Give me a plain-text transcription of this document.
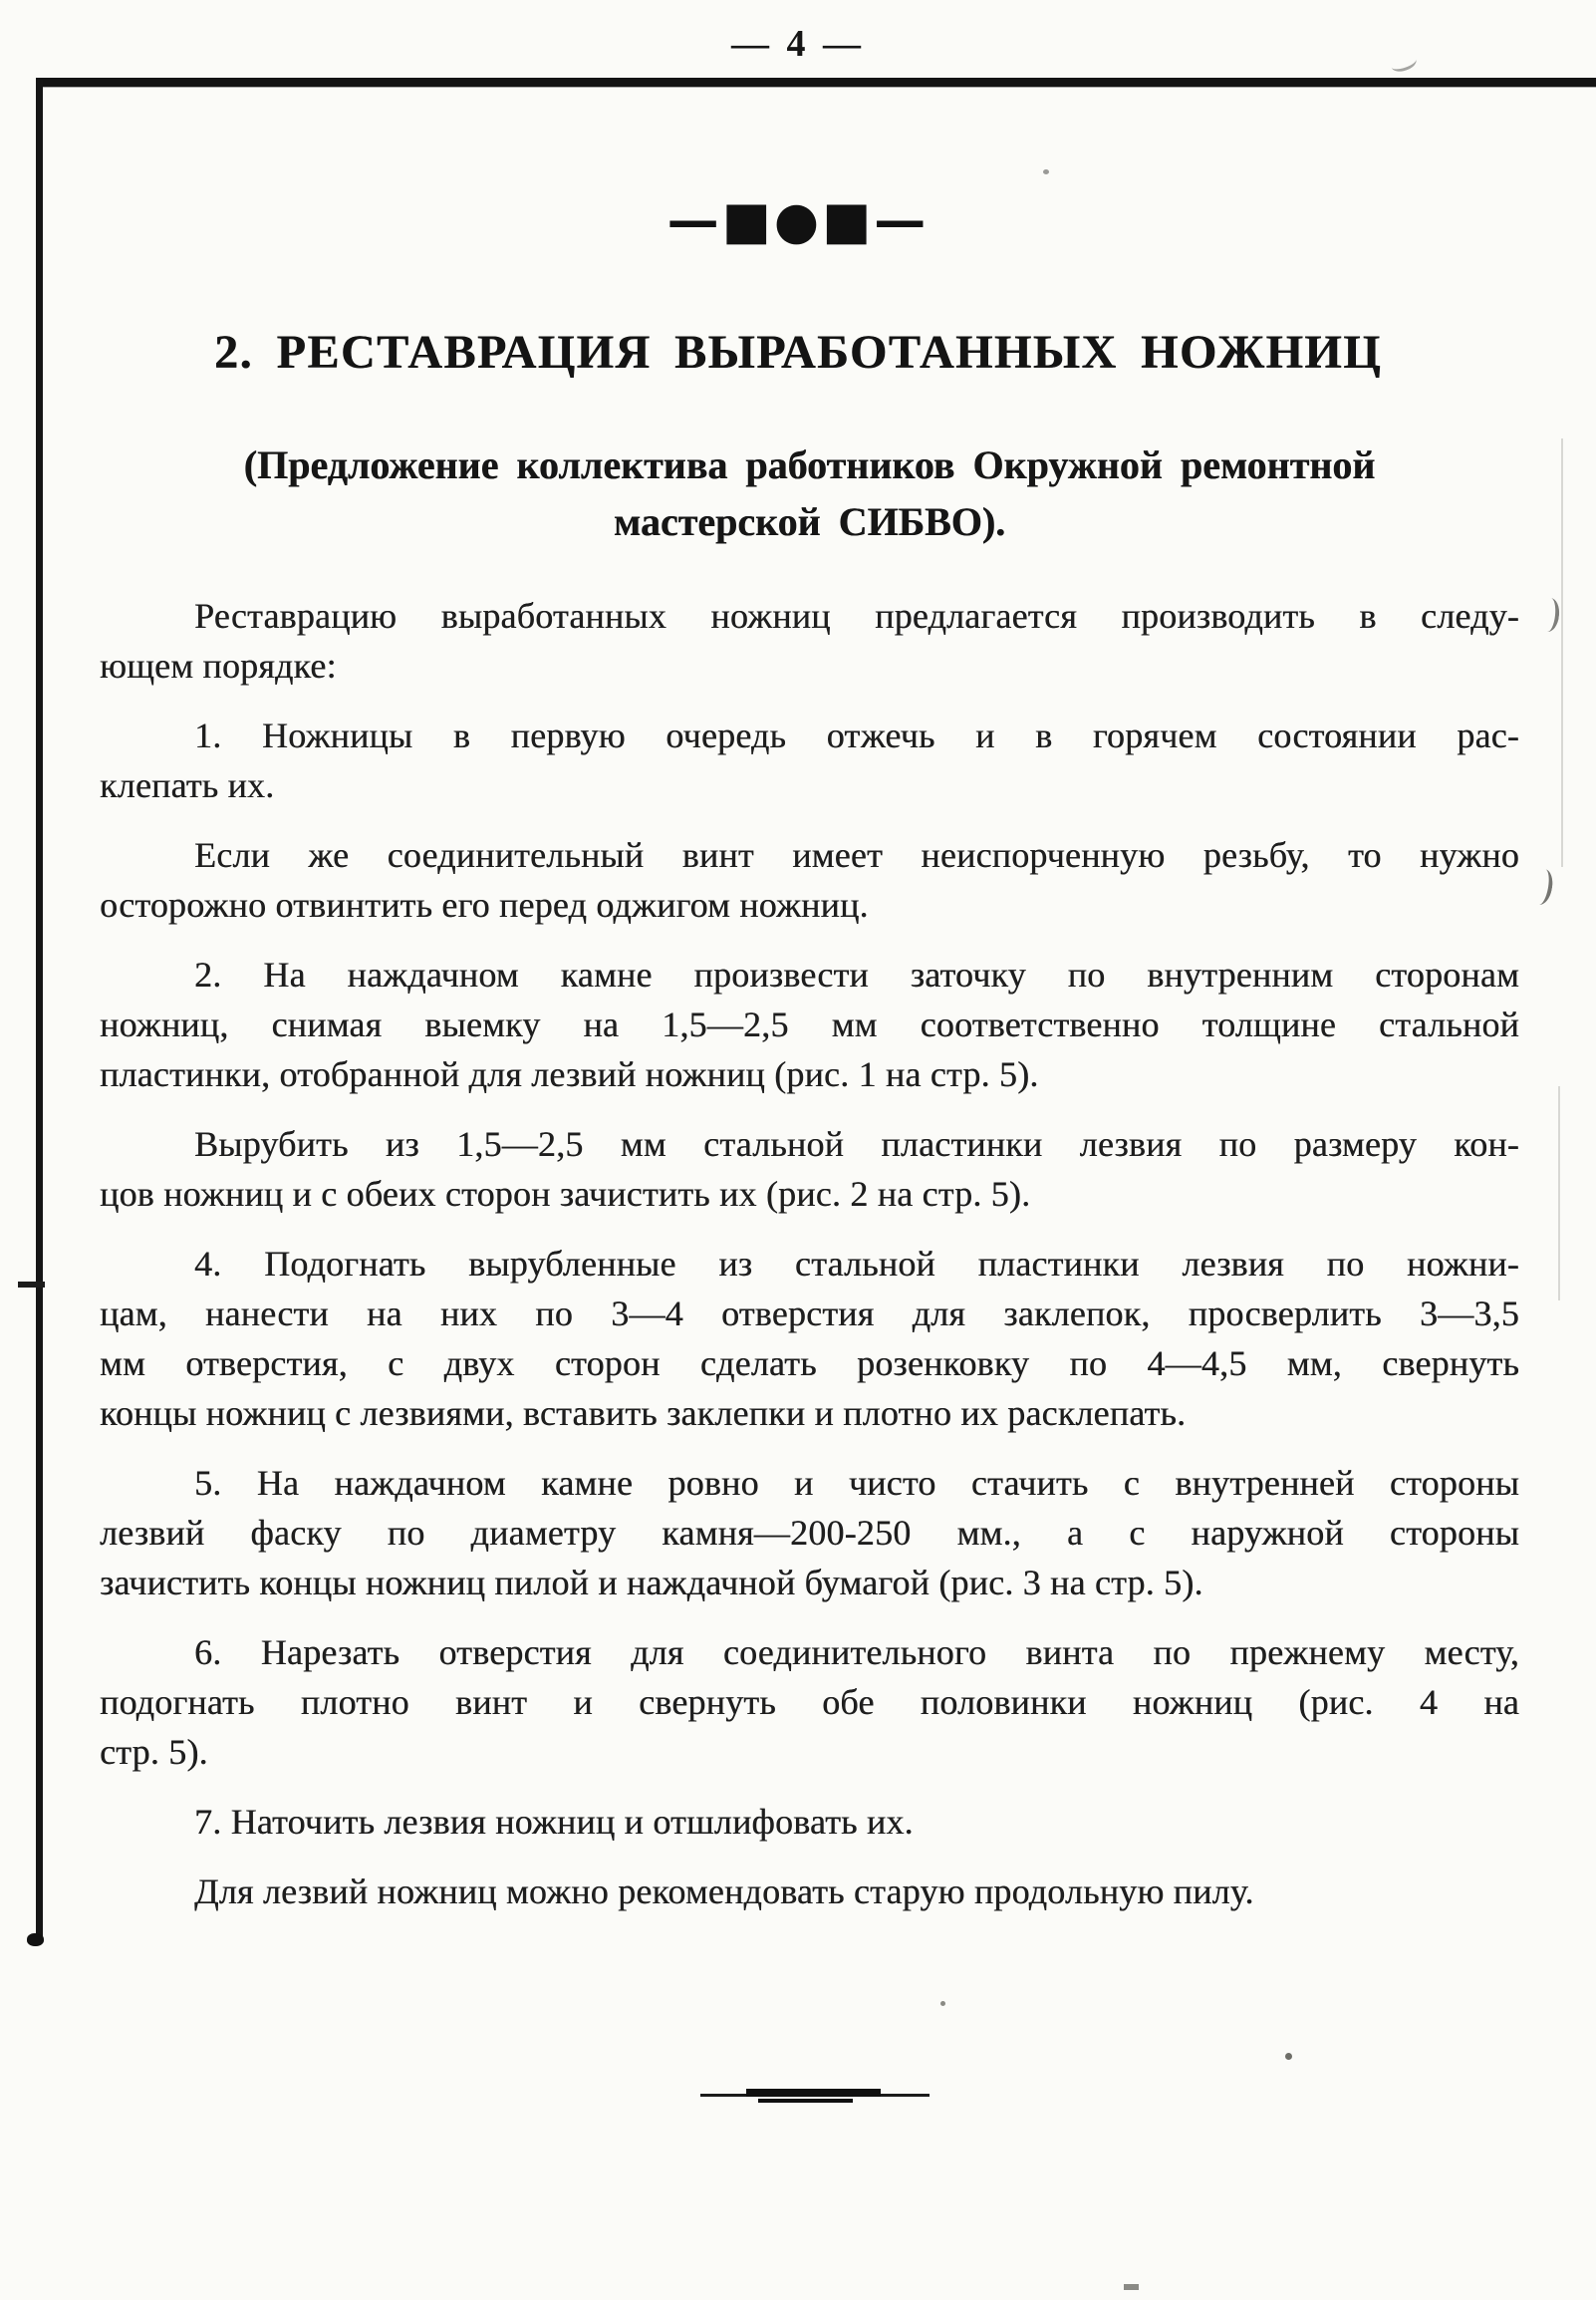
— 4 —
—■●■—
2. РЕСТАВРАЦИЯ ВЫРАБОТАННЫХ НОЖНИЦ
(Предложение коллектива работников Окружной ремонтной
мастерской СИБВО).
Реставрацию выработанных ножниц предлагается производить в следу-
ющем порядке:
1. Ножницы в первую очередь отжечь и в горячем состоянии рас-
клепать их.
Если же соединительный винт имеет неиспорченную резьбу, то нужно
осторожно отвинтить его перед оджигом ножниц.
2. На наждачном камне произвести заточку по внутренним сторонам
ножниц, снимая выемку на 1,5—2,5 мм соответственно толщине стальной
пластинки, отобранной для лезвий ножниц (рис. 1 на стр. 5).
Вырубить из 1,5—2,5 мм стальной пластинки лезвия по размеру кон-
цов ножниц и с обеих сторон зачистить их (рис. 2 на стр. 5).
4. Подогнать вырубленные из стальной пластинки лезвия по ножни-
цам, нанести на них по 3—4 отверстия для заклепок, просверлить 3—3,5
мм отверстия, с двух сторон сделать розенковку по 4—4,5 мм, свернуть
концы ножниц с лезвиями, вставить заклепки и плотно их расклепать.
5. На наждачном камне ровно и чисто стачить с внутренней стороны
лезвий фаску по диаметру камня—200-250 мм., а с наружной стороны
зачистить концы ножниц пилой и наждачной бумагой (рис. 3 на стр. 5).
6. Нарезать отверстия для соединительного винта по прежнему месту,
подогнать плотно винт и свернуть обе половинки ножниц (рис. 4 на
стр. 5).
7. Наточить лезвия ножниц и отшлифовать их.
Для лезвий ножниц можно рекомендовать старую продольную пилу.
